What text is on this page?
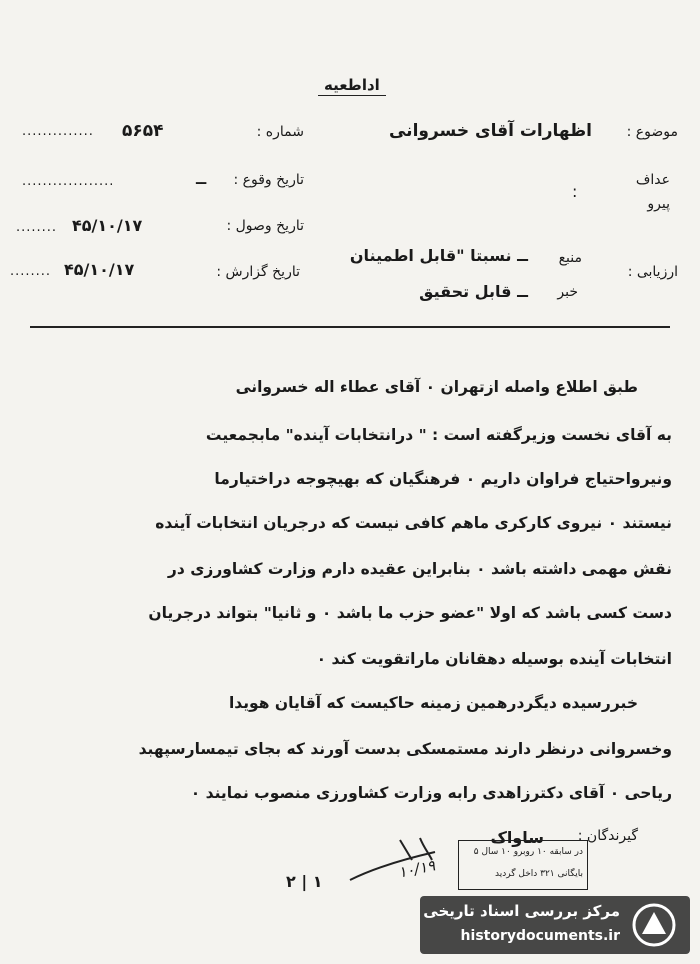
اداطعیه
موضوع :
اظهارات آقای خسروانی
عداف
پیرو
:
ارزیابی :
منبع
ــ نسبتا "قابل اطمینان
خبر
ــ قابل تحقیق
شماره :
۵۶۵۴
..............
تاریخ وقوع :
ــ
..................
تاریخ وصول :
۴۵/۱۰/۱۷
........
تاریخ گزارش :
۴۵/۱۰/۱۷
........
طبق اطلاع واصله ازتهران ۰ آقای عطاء اله خسروانی
به آقای نخست وزیرگفته است : " درانتخابات آینده" مابجمعیت
ونیرواحتیاج فراوان داریم ۰ فرهنگیان که بهیچوجه دراختیارما
نیستند ۰ نیروی کارکری ماهم کافی نیست که درجریان انتخابات آینده
نقش مهمی داشته باشد ۰ بنابراین عقیده دارم وزارت کشاورزی در
دست کسی باشد که اولا "عضو حزب ما باشد ۰ و ثانیا" بتواند درجریان
انتخابات آینده بوسیله دهقانان ماراتقویت کند ۰
خبررسیده دیگردرهمین زمینه حاکیست که آقایان هویدا
وخسروانی درنظر دارند مستمسکی بدست آورند که بجای تیمسارسپهبد
ریاحی ۰ آقای دکترزاهدی رابه وزارت کشاورزی منصوب نمایند ۰
گیرندگان :
ساواک
در سابقه ۱۰ روبرو ۱۰ سال ۵
بایگانی ۳۲۱ داخل گردید
۱۰/۱۹
۲ | ۱
مرکز بررسی اسناد تاریخی
historydocuments.ir
